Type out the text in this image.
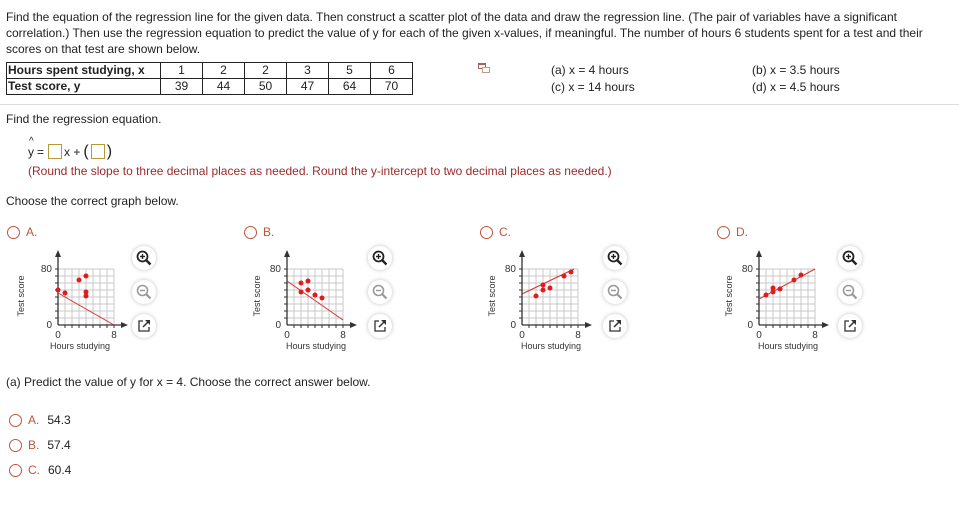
Find the equation of the regression line for the given data. Then construct a scatter plot of the data and draw the regression line. (The pair of variables have a significant correlation.) Then use the regression equation to predict the value of y for each of the given x-values, if meaningful. The number of hours 6 students spent for a test and their scores on that test are shown below.
Hours spent studying, x	1	2	2	3	5	6
Test score, y	39	44	50	47	64	70
(a) x = 4 hours
(c) x = 14 hours
(b) x = 3.5 hours
(d) x = 4.5 hours
Find the regression equation.
^
y = x + ( )
(Round the slope to three decimal places as needed. Round the y-intercept to two decimal places as needed.)
Choose the correct graph below.
A.	B.	C.	D.
80
0
0	8
Hours studying
Test score
80
0
0	8
Hours studying
Test score
80
0
0	8
Hours studying
Test score
80
0
0	8
Hours studying
Test score
(a) Predict the value of y for x = 4. Choose the correct answer below.
A. 54.3
B. 57.4
C. 60.4
